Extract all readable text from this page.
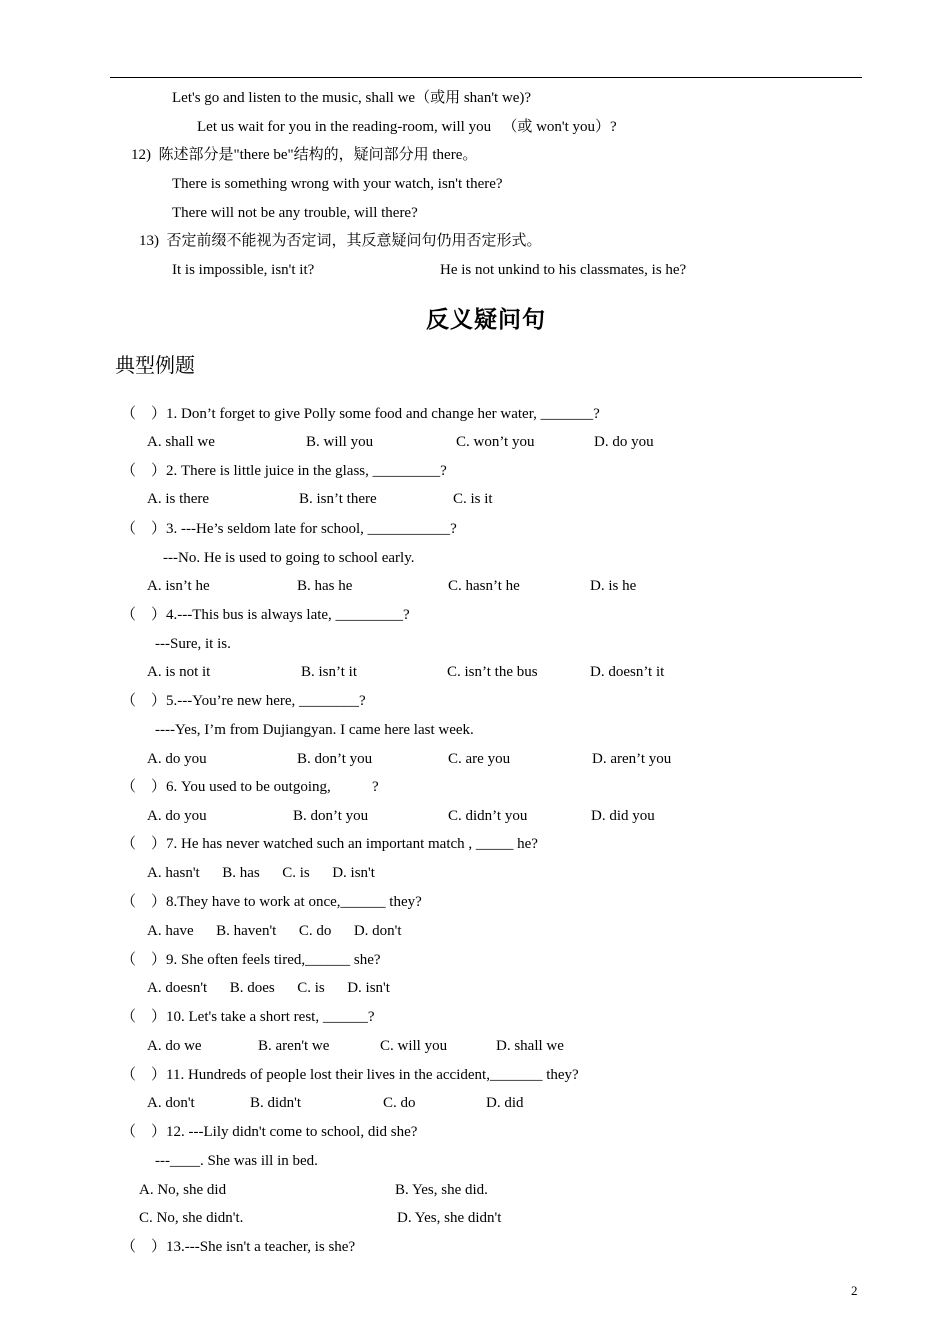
Let's go and listen to the music, shall we（或用 shan't we)?
Let us wait for you in the reading-room, will you   （或 won't you）?
12)  陈述部分是"there be"结构的，疑问部分用 there。
There is something wrong with your watch, isn't there?
There will not be any trouble, will there?
13)  否定前缀不能视为否定词，其反意疑问句仍用否定形式。
It is impossible, isn't it?	He is not unkind to his classmates, is he?
反义疑问句
典型例题
（    ）1. Don’t forget to give Polly some food and change her water, _______?
A. shall we	B. will you	C. won’t you	D. do you
（    ）2. There is little juice in the glass, _________?
A. is there	B. isn’t there	C. is it
（    ）3. ---He’s seldom late for school, ___________?
---No. He is used to going to school early.
A. isn’t he	B. has he	C. hasn’t he	D. is he
（    ）4.---This bus is always late, _________?
---Sure, it is.
A. is not it	B. isn’t it	C. isn’t the bus	D. doesn’t it
（    ）5.---You’re new here, ________?
----Yes, I’m from Dujiangyan. I came here last week.
A. do you	B. don’t you	C. are you	D. aren’t you
（    ）6. You used to be outgoing,           ?
A. do you	B. don’t you	C. didn’t you	D. did you
（    ）7. He has never watched such an important match , _____ he?
A. hasn't      B. has      C. is      D. isn't
（    ）8.They have to work at once,______ they?
A. have      B. haven't      C. do      D. don't
（    ）9. She often feels tired,______ she?
A. doesn't      B. does      C. is      D. isn't
（    ）10. Let's take a short rest, ______?
A. do we	B. aren't we	C. will you	D. shall we
（    ）11. Hundreds of people lost their lives in the accident,_______ they?
A. don't	B. didn't	C. do	D. did
（    ）12. ---Lily didn't come to school, did she?
---____. She was ill in bed.
A. No, she did	B. Yes, she did.
C. No, she didn't.	D. Yes, she didn't
（    ）13.---She isn't a teacher, is she?
2
